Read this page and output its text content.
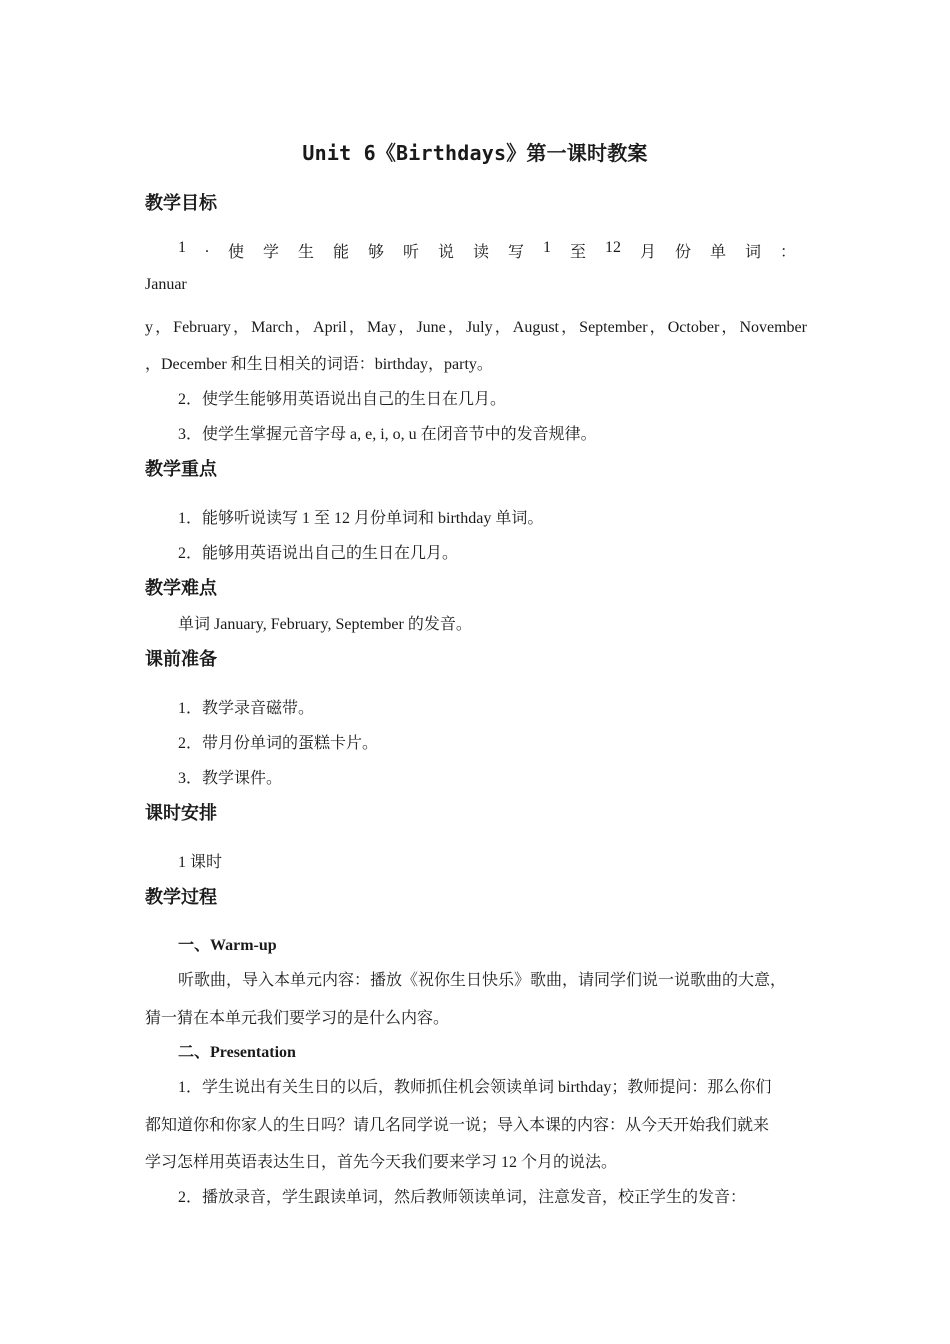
Unit 6《Birthdays》第一课时教案
教学目标
1 . 使 学 生 能 够 听 说 读 写 1 至 12 月 份 单 词 ：
Januar
y，February，March，April，May，June，July，August，September，October，November
，December 和生日相关的词语：birthday，party。
2．使学生能够用英语说出自己的生日在几月。
3．使学生掌握元音字母 a, e, i, o, u 在闭音节中的发音规律。
教学重点
1．能够听说读写 1 至 12 月份单词和 birthday 单词。
2．能够用英语说出自己的生日在几月。
教学难点
单词 January, February, September 的发音。
课前准备
1．教学录音磁带。
2．带月份单词的蛋糕卡片。
3．教学课件。
课时安排
1 课时
教学过程
一、Warm-up
听歌曲，导入本单元内容：播放《祝你生日快乐》歌曲，请同学们说一说歌曲的大意，
猜一猜在本单元我们要学习的是什么内容。
二、Presentation
1．学生说出有关生日的以后，教师抓住机会领读单词 birthday；教师提问：那么你们
都知道你和你家人的生日吗？请几名同学说一说；导入本课的内容：从今天开始我们就来
学习怎样用英语表达生日，首先今天我们要来学习 12 个月的说法。
2．播放录音，学生跟读单词，然后教师领读单词，注意发音，校正学生的发音：
